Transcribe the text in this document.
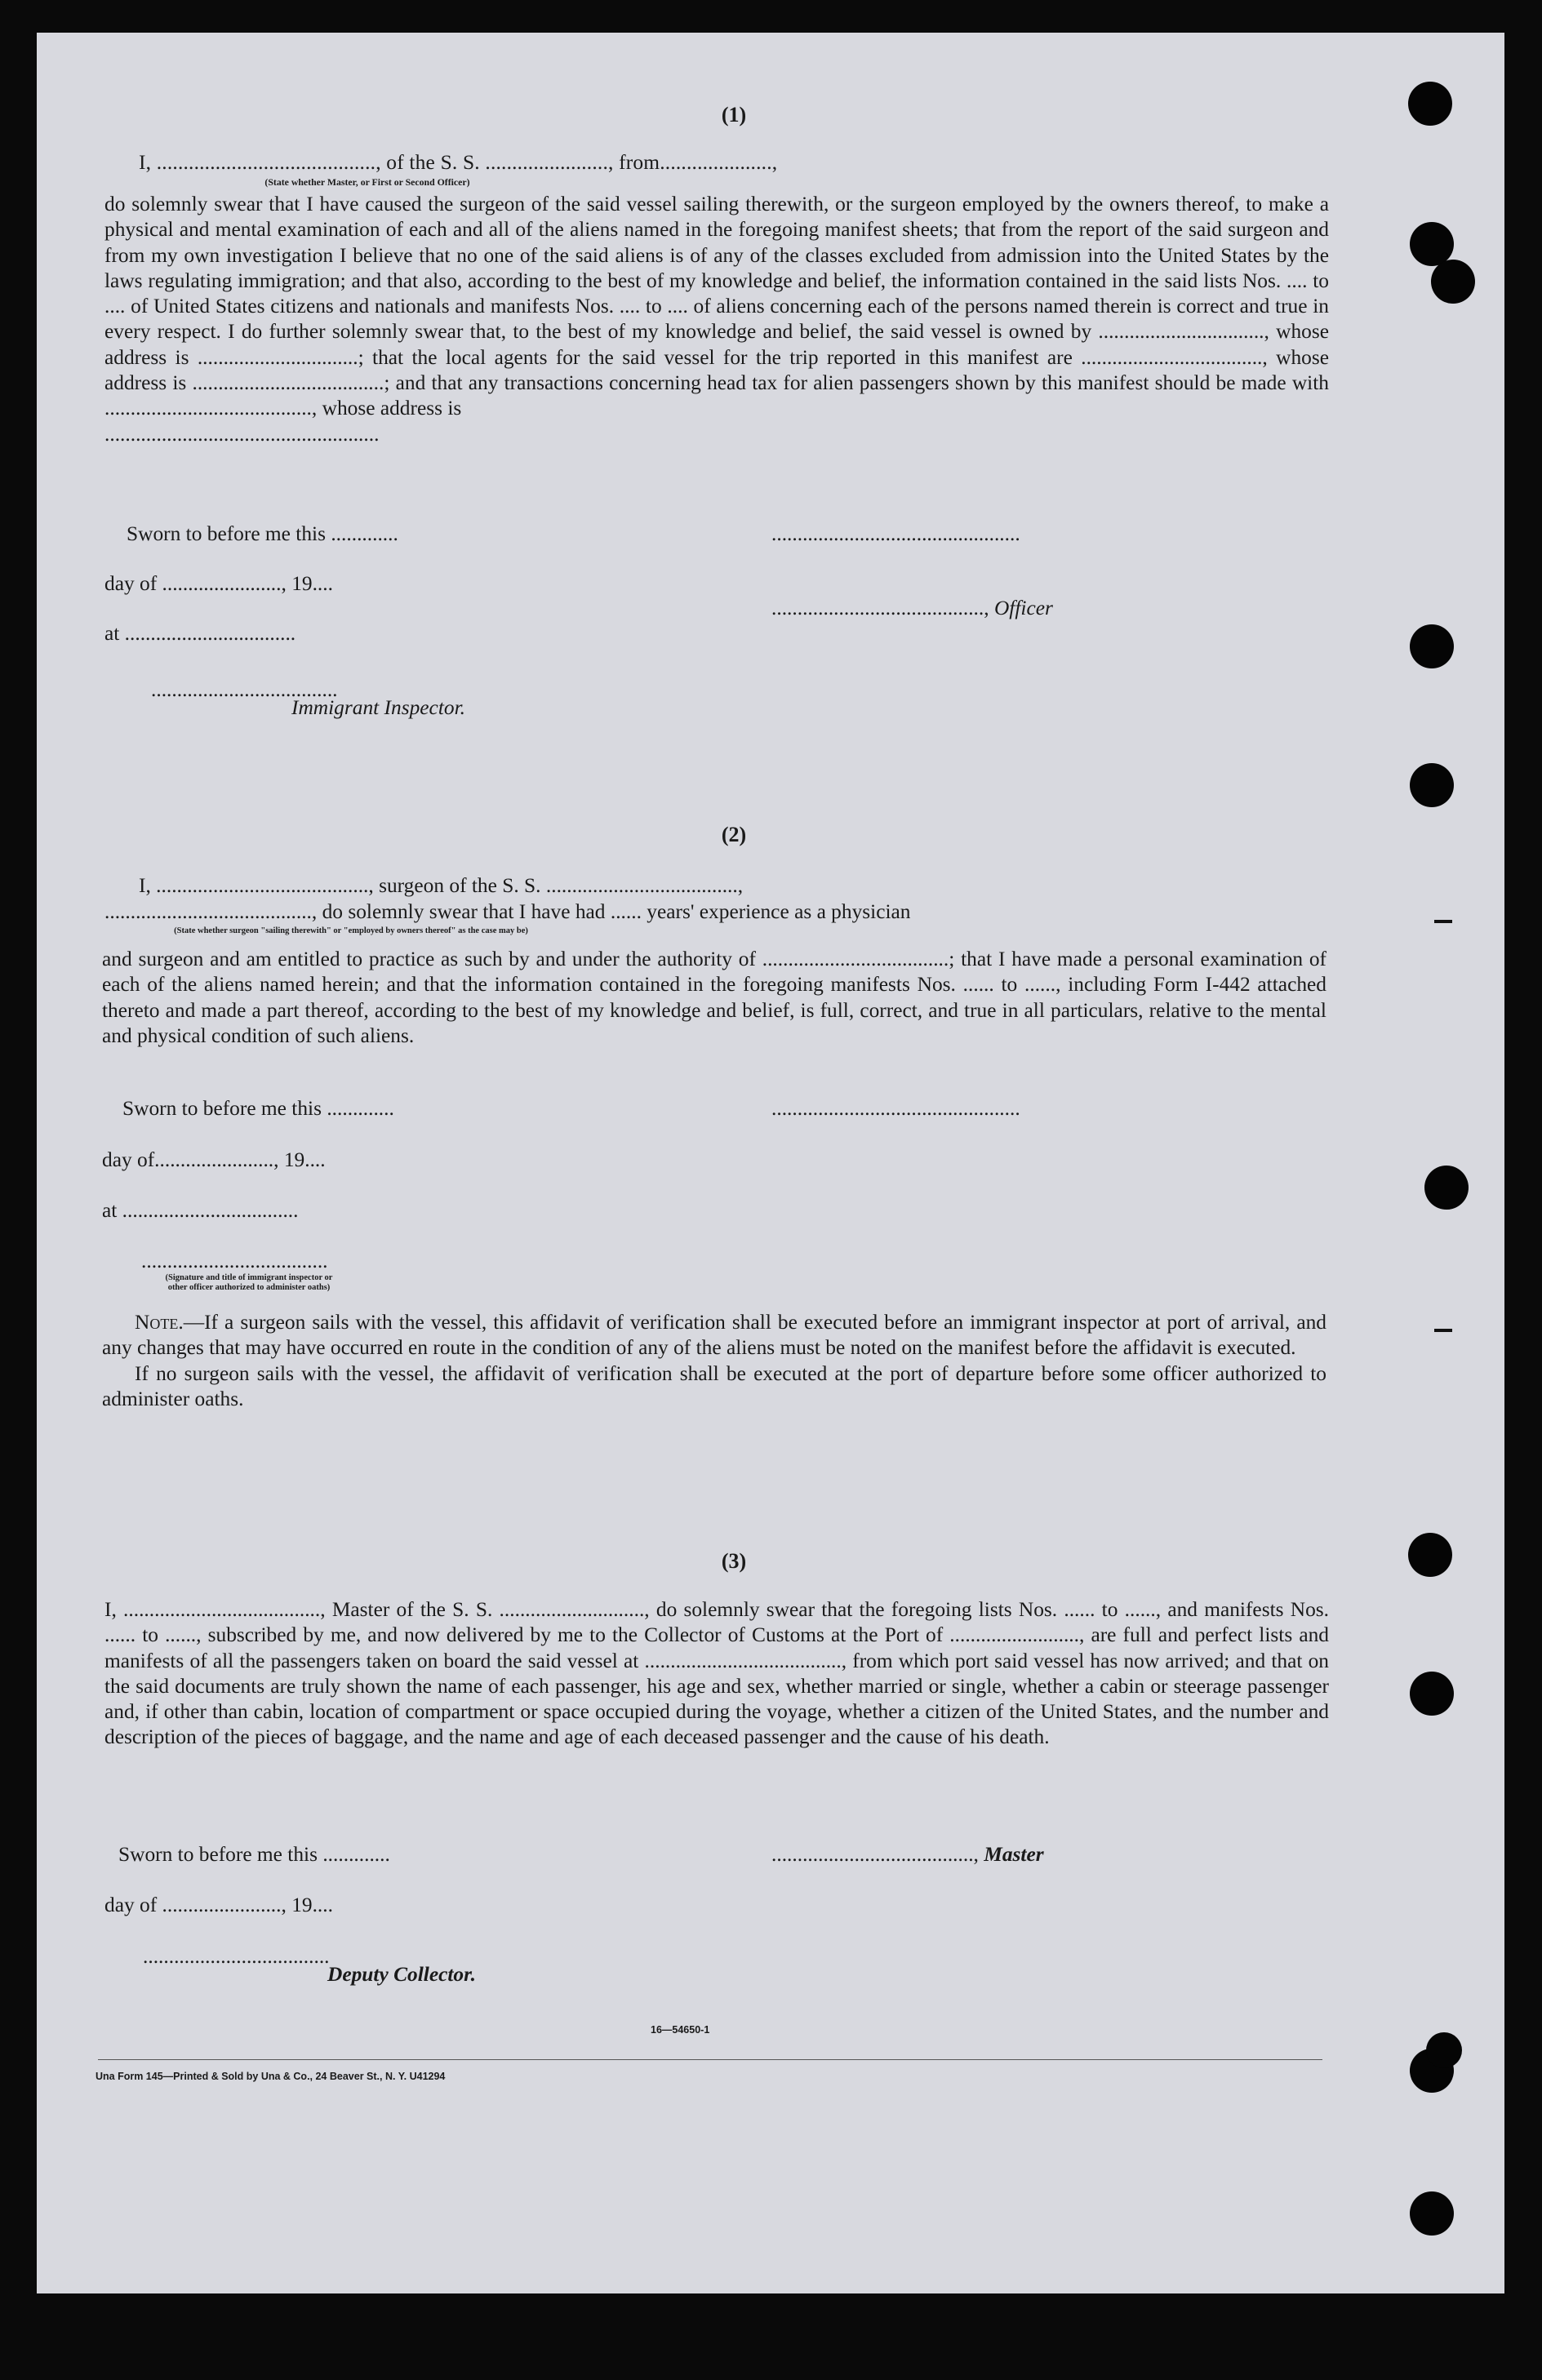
(1)
I, ........................................., of the S. S. ......................., from.....................,
(State whether Master, or First or Second Officer)

do solemnly swear that I have caused the surgeon of the said vessel sailing therewith, or the surgeon employed by the owners thereof, to make a physical and mental examination of each and all of the aliens named in the foregoing manifest sheets; that from the report of the said surgeon and from my own investigation I believe that no one of the said aliens is of any of the classes excluded from admission into the United States by the laws regulating immigration; and that also, according to the best of my knowledge and belief, the information contained in the said lists Nos. .... to .... of United States citizens and nationals and manifests Nos. .... to .... of aliens concerning each of the persons named therein is correct and true in every respect. I do further solemnly swear that, to the best of my knowledge and belief, the said vessel is owned by ................................, whose address is ...............................; that the local agents for the said vessel for the trip reported in this manifest are ..................................., whose address is .....................................; and that any transactions concerning head tax for alien passengers shown by this manifest should be made with ........................................, whose address is

.....................................................

Sworn to before me this .............	................................................
day of ......................., 19....
........................................., Officer
at .................................
....................................
Immigrant Inspector.
(2)
I, ........................................., surgeon of the S. S. .....................................,
........................................, do solemnly swear that I have had ...... years' experience as a physician
(State whether surgeon "sailing therewith" or "employed by owners thereof" as the case may be)
and surgeon and am entitled to practice as such by and under the authority of ....................................; that I have made a personal examination of each of the aliens named herein; and that the information contained in the foregoing manifests Nos. ...... to ......, including Form I-442 attached thereto and made a part thereof, according to the best of my knowledge and belief, is full, correct, and true in all particulars, relative to the mental and physical condition of such aliens.
Sworn to before me this .............	................................................
day of......................., 19....
at ..................................
....................................
(Signature and title of immigrant inspector or other officer authorized to administer oaths)

Note.—If a surgeon sails with the vessel, this affidavit of verification shall be executed before an immigrant inspector at port of arrival, and any changes that may have occurred en route in the condition of any of the aliens must be noted on the manifest before the affidavit is executed.

If no surgeon sails with the vessel, the affidavit of verification shall be executed at the port of departure before some officer authorized to administer oaths.

(3)
I, ......................................, Master of the S. S. ............................, do solemnly swear that the foregoing lists Nos. ...... to ......, and manifests Nos. ...... to ......, subscribed by me, and now delivered by me to the Collector of Customs at the Port of ........................., are full and perfect lists and manifests of all the passengers taken on board the said vessel at ......................................, from which port said vessel has now arrived; and that on the said documents are truly shown the name of each passenger, his age and sex, whether married or single, whether a cabin or steerage passenger and, if other than cabin, location of compartment or space occupied during the voyage, whether a citizen of the United States, and the number and description of the pieces of baggage, and the name and age of each deceased passenger and the cause of his death.
Sworn to before me this .............	......................................., Master
day of ......................., 19....
....................................
Deputy Collector.
16—54650-1
Una Form 145—Printed & Sold by Una & Co., 24 Beaver St., N. Y. U41294
